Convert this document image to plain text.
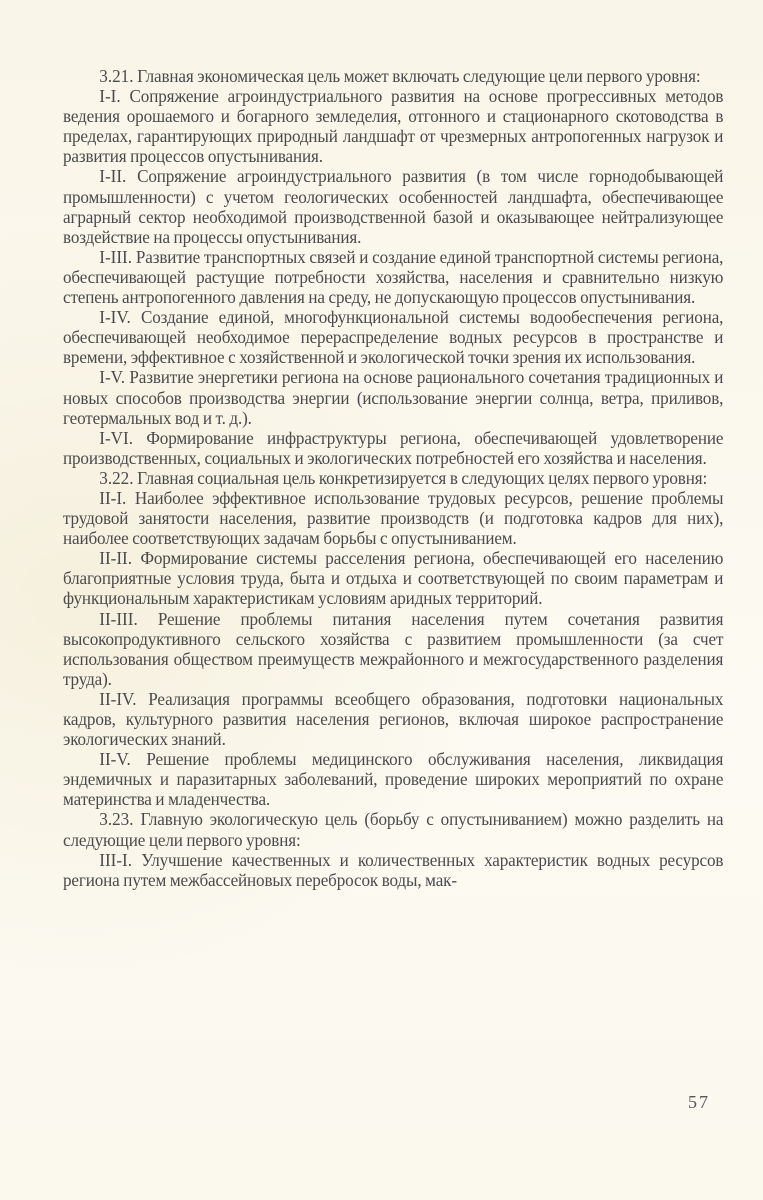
3.21. Главная экономическая цель может включать следующие цели первого уровня:

I-I. Сопряжение агроиндустриального развития на основе прогрессивных методов ведения орошаемого и богарного земледелия, отгонного и стационарного скотоводства в пределах, гарантирующих природный ландшафт от чрезмерных антропогенных нагрузок и развития процессов опустынивания.

I-II. Сопряжение агроиндустриального развития (в том числе горнодобывающей промышленности) с учетом геологических особенностей ландшафта, обеспечивающее аграрный сектор необходимой производственной базой и оказывающее нейтрализующее воздействие на процессы опустынивания.

I-III. Развитие транспортных связей и создание единой транспортной системы региона, обеспечивающей растущие потребности хозяйства, населения и сравнительно низкую степень антропогенного давления на среду, не допускающую процессов опустынивания.

I-IV. Создание единой, многофункциональной системы водообеспечения региона, обеспечивающей необходимое перераспределение водных ресурсов в пространстве и времени, эффективное с хозяйственной и экологической точки зрения их использования.

I-V. Развитие энергетики региона на основе рационального сочетания традиционных и новых способов производства энергии (использование энергии солнца, ветра, приливов, геотермальных вод и т. д.).

I-VI. Формирование инфраструктуры региона, обеспечивающей удовлетворение производственных, социальных и экологических потребностей его хозяйства и населения.

3.22. Главная социальная цель конкретизируется в следующих целях первого уровня:

II-I. Наиболее эффективное использование трудовых ресурсов, решение проблемы трудовой занятости населения, развитие производств (и подготовка кадров для них), наиболее соответствующих задачам борьбы с опустыниванием.

II-II. Формирование системы расселения региона, обеспечивающей его населению благоприятные условия труда, быта и отдыха и соответствующей по своим параметрам и функциональным характеристикам условиям аридных территорий.

II-III. Решение проблемы питания населения путем сочетания развития высокопродуктивного сельского хозяйства с развитием промышленности (за счет использования обществом преимуществ межрайонного и межгосударственного разделения труда).

II-IV. Реализация программы всеобщего образования, подготовки национальных кадров, культурного развития населения регионов, включая широкое распространение экологических знаний.

II-V. Решение проблемы медицинского обслуживания населения, ликвидация эндемичных и паразитарных заболеваний, проведение широких мероприятий по охране материнства и младенчества.

3.23. Главную экологическую цель (борьбу с опустыниванием) можно разделить на следующие цели первого уровня:

III-I. Улучшение качественных и количественных характеристик водных ресурсов региона путем межбассейновых перебросок воды, мак-

57
